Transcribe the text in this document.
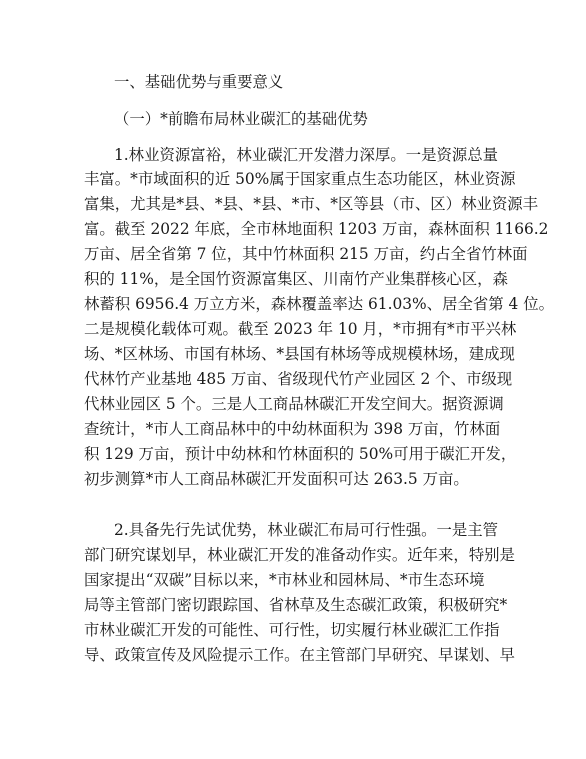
一、基础优势与重要意义
（一）*前瞻布局林业碳汇的基础优势
1.林业资源富裕，林业碳汇开发潜力深厚。一是资源总量
丰富。*市域面积的近 50%属于国家重点生态功能区，林业资源
富集，尤其是*县、*县、*县、*市、*区等县（市、区）林业资源丰
富。截至 2022 年底，全市林地面积 1203 万亩，森林面积 1166.2
万亩、居全省第 7 位，其中竹林面积 215 万亩，约占全省竹林面
积的 11%，是全国竹资源富集区、川南竹产业集群核心区，森
林蓄积 6956.4 万立方米，森林覆盖率达 61.03%、居全省第 4 位。
二是规模化载体可观。截至 2023 年 10 月，*市拥有*市平兴林
场、*区林场、市国有林场、*县国有林场等成规模林场，建成现
代林竹产业基地 485 万亩、省级现代竹产业园区 2 个、市级现
代林业园区 5 个。三是人工商品林碳汇开发空间大。据资源调
查统计，*市人工商品林中的中幼林面积为 398 万亩，竹林面
积 129 万亩，预计中幼林和竹林面积的 50%可用于碳汇开发，
初步测算*市人工商品林碳汇开发面积可达 263.5 万亩。
2.具备先行先试优势，林业碳汇布局可行性强。一是主管
部门研究谋划早，林业碳汇开发的准备动作实。近年来，特别是
国家提出“双碳”目标以来，*市林业和园林局、*市生态环境
局等主管部门密切跟踪国、省林草及生态碳汇政策，积极研究*
市林业碳汇开发的可能性、可行性，切实履行林业碳汇工作指
导、政策宣传及风险提示工作。在主管部门早研究、早谋划、早
